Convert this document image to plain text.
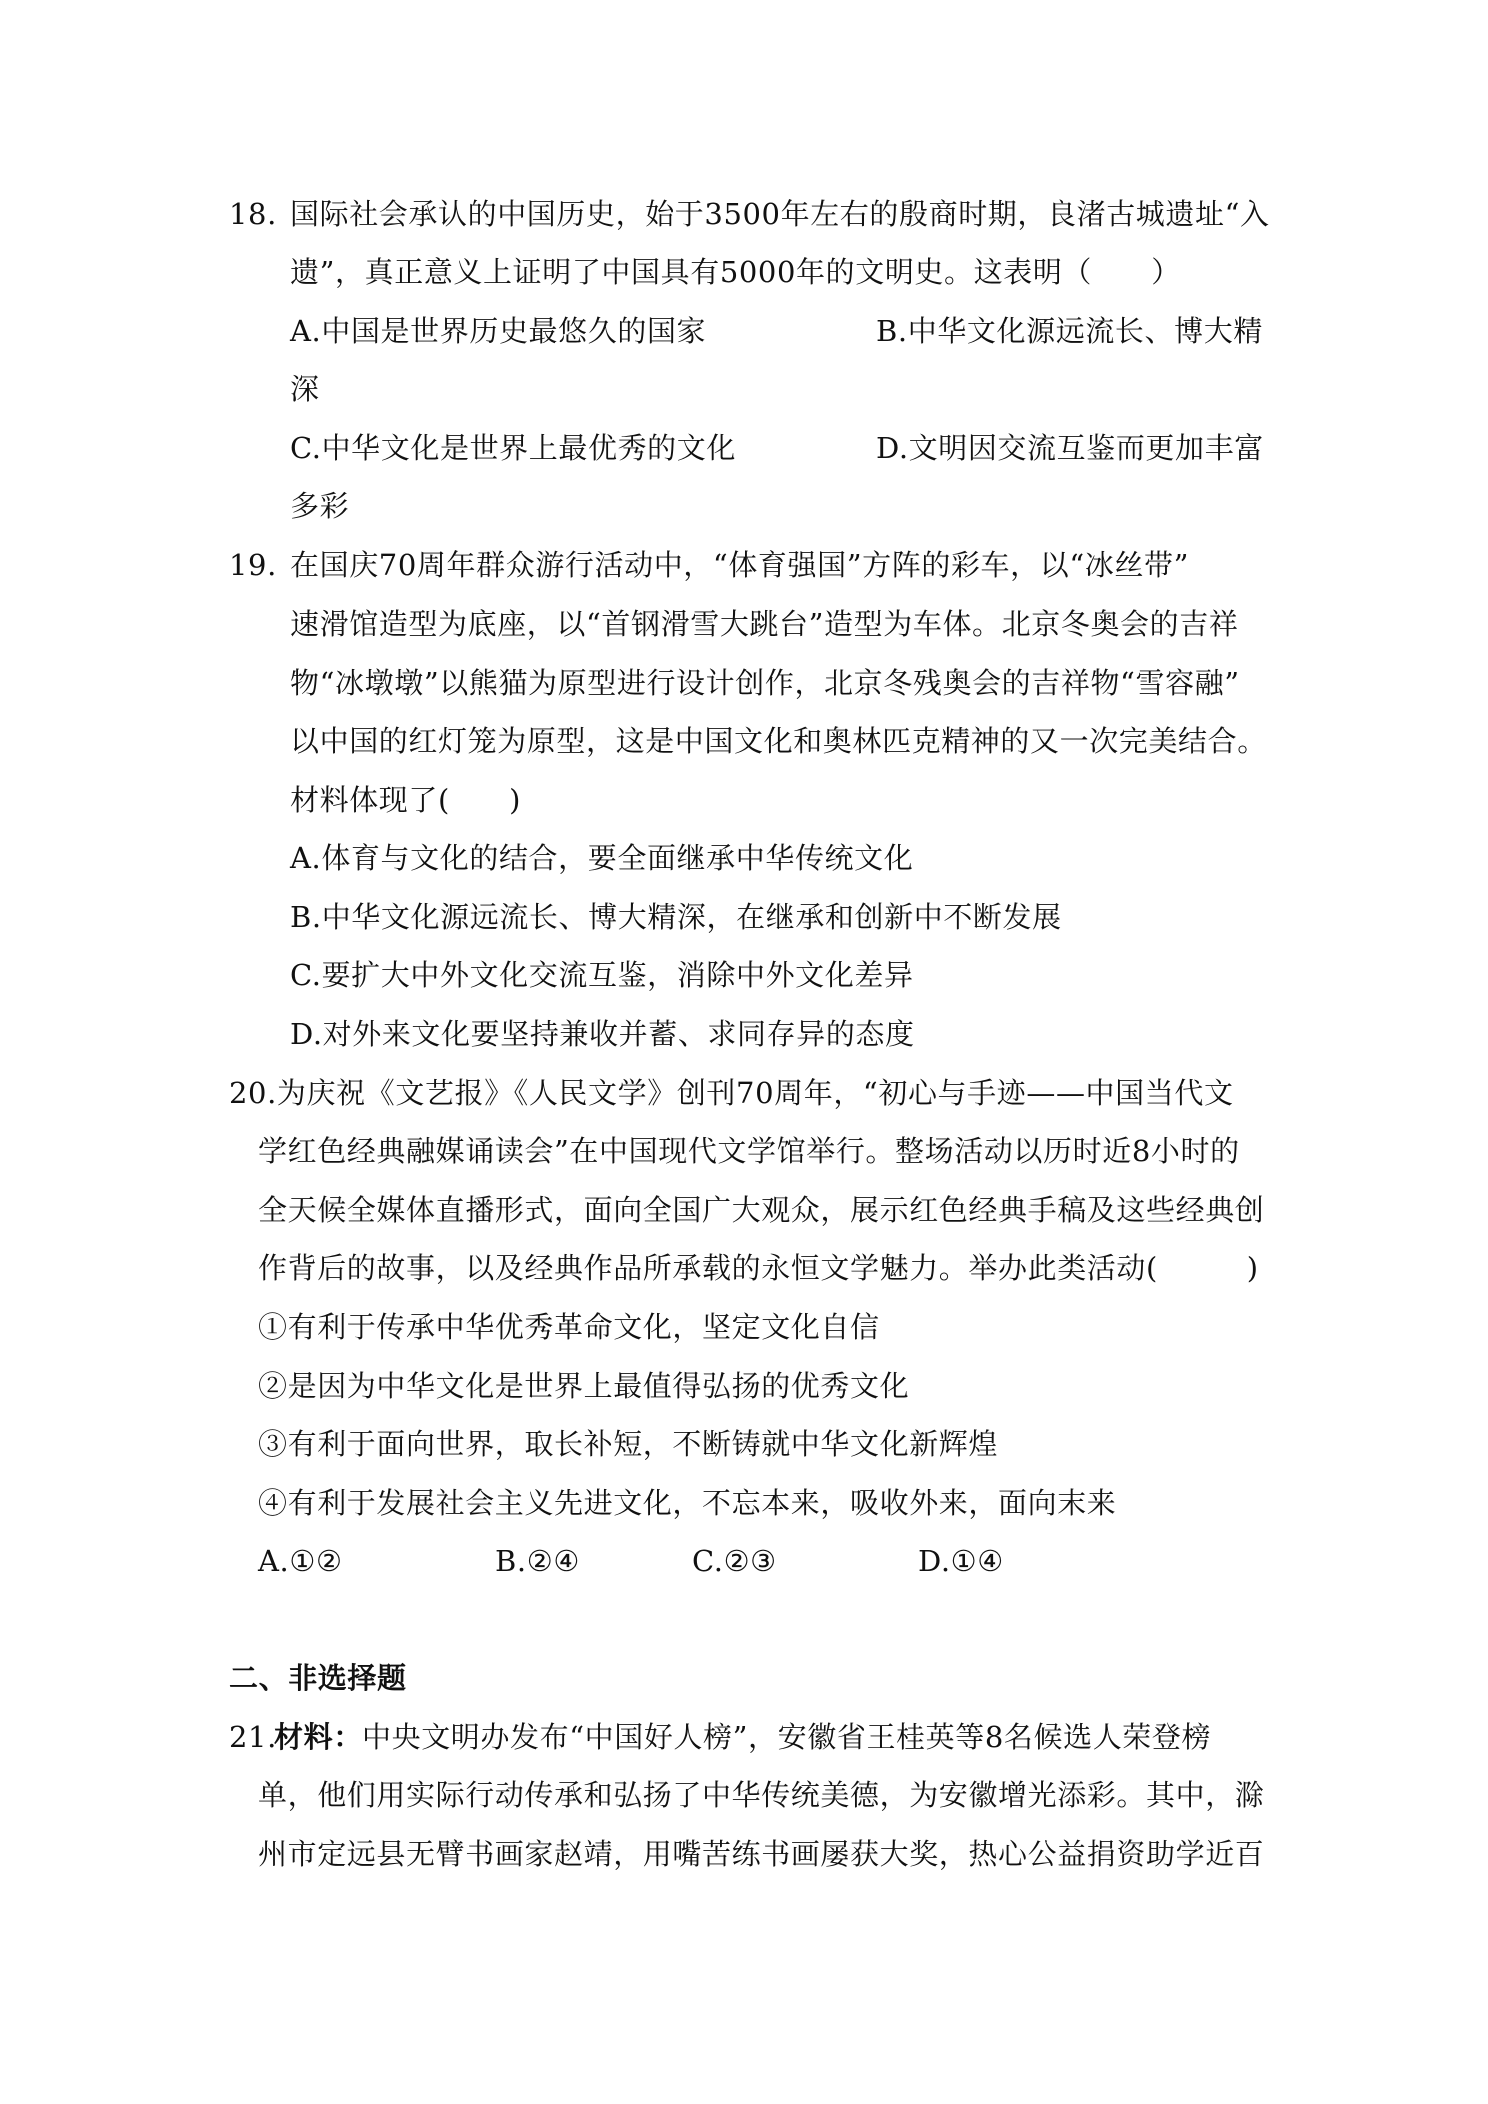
18. 国际社会承认的中国历史，始于3500年左右的殷商时期，良渚古城遗址“入
遗”，真正意义上证明了中国具有5000年的文明史。这表明（　　）
A.中国是世界历史最悠久的国家	B.中华文化源远流长、博大精
深
C.中华文化是世界上最优秀的文化	D.文明因交流互鉴而更加丰富
多彩
19. 在国庆70周年群众游行活动中，“体育强国”方阵的彩车，以“冰丝带”
速滑馆造型为底座，以“首钢滑雪大跳台”造型为车体。北京冬奥会的吉祥
物“冰墩墩”以熊猫为原型进行设计创作，北京冬残奥会的吉祥物“雪容融”
以中国的红灯笼为原型，这是中国文化和奥林匹克精神的又一次完美结合。
材料体现了(　　)
A.体育与文化的结合，要全面继承中华传统文化
B.中华文化源远流长、博大精深，在继承和创新中不断发展
C.要扩大中外文化交流互鉴，消除中外文化差异
D.对外来文化要坚持兼收并蓄、求同存异的态度
20.为庆祝《文艺报》《人民文学》创刊70周年，“初心与手迹——中国当代文
学红色经典融媒诵读会”在中国现代文学馆举行。整场活动以历时近8小时的
全天候全媒体直播形式，面向全国广大观众，展示红色经典手稿及这些经典创
作背后的故事，以及经典作品所承载的永恒文学魅力。举办此类活动(　　　)
①有利于传承中华优秀革命文化，坚定文化自信
②是因为中华文化是世界上最值得弘扬的优秀文化
③有利于面向世界，取长补短，不断铸就中华文化新辉煌
④有利于发展社会主义先进文化，不忘本来，吸收外来，面向末来
A.①②	B.②④	C.②③	D.①④
二、非选择题
21.
材料： 中央文明办发布“中国好人榜”，安徽省王桂英等8名候选人荣登榜
单，他们用实际行动传承和弘扬了中华传统美德，为安徽增光添彩。其中，滁
州市定远县无臂书画家赵靖，用嘴苦练书画屡获大奖，热心公益捐资助学近百
